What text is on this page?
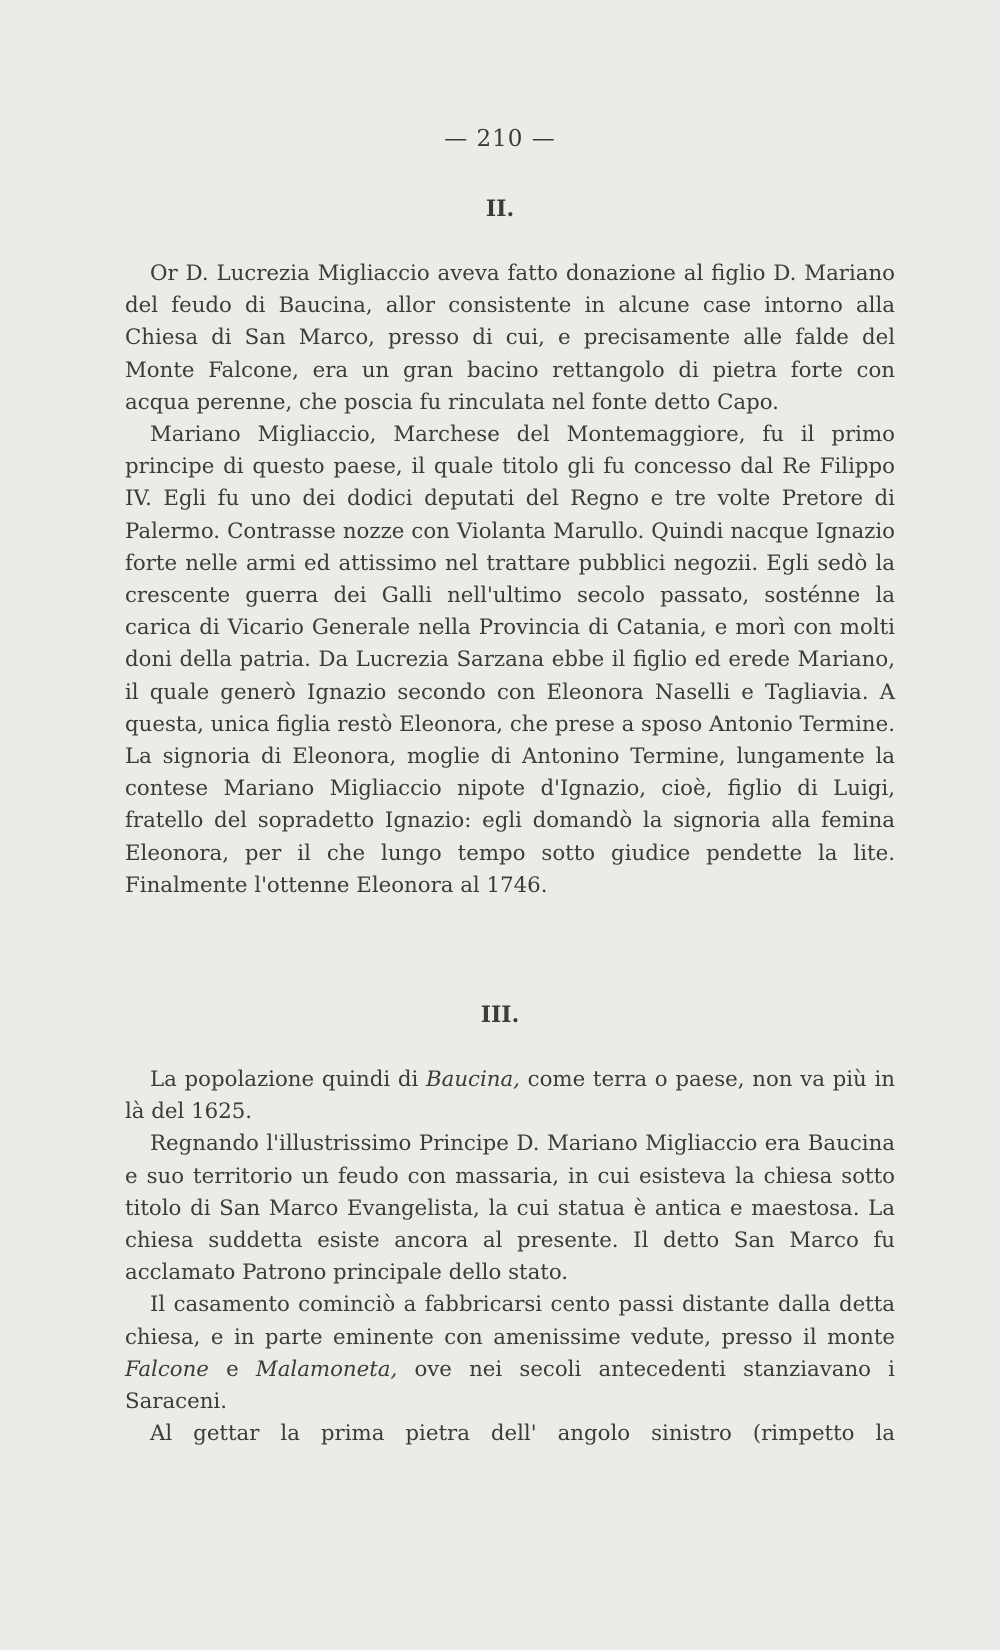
— 210 —
II.

Or D. Lucrezia Migliaccio aveva fatto donazione al figlio D. Mariano del feudo di Baucina, allor consistente in alcune case intorno alla Chiesa di San Marco, presso di cui, e precisamente alle falde del Monte Falcone, era un gran bacino rettangolo di pietra forte con acqua perenne, che poscia fu rinculata nel fonte detto Capo.

Mariano Migliaccio, Marchese del Montemaggiore, fu il primo principe di questo paese, il quale titolo gli fu concesso dal Re Filippo IV. Egli fu uno dei dodici deputati del Regno e tre volte Pretore di Palermo. Contrasse nozze con Violanta Marullo. Quindi nacque Ignazio forte nelle armi ed attissimo nel trattare pubblici negozii. Egli sedò la crescente guerra dei Galli nell'ultimo secolo passato, sosténne la carica di Vicario Generale nella Provincia di Catania, e morì con molti doni della patria. Da Lucrezia Sarzana ebbe il figlio ed erede Mariano, il quale generò Ignazio secondo con Eleonora Naselli e Tagliavia. A questa, unica figlia restò Eleonora, che prese a sposo Antonio Termine. La signoria di Eleonora, moglie di Antonino Termine, lungamente la contese Mariano Migliaccio nipote d'Ignazio, cioè, figlio di Luigi, fratello del sopradetto Ignazio: egli domandò la signoria alla femina Eleonora, per il che lungo tempo sotto giudice pendette la lite. Finalmente l'ottenne Eleonora al 1746.

III.

La popolazione quindi di Baucina, come terra o paese, non va più in là del 1625.

Regnando l'illustrissimo Principe D. Mariano Migliaccio era Baucina e suo territorio un feudo con massaria, in cui esisteva la chiesa sotto titolo di San Marco Evangelista, la cui statua è antica e maestosa. La chiesa suddetta esiste ancora al presente. Il detto San Marco fu acclamato Patrono principale dello stato.

Il casamento cominciò a fabbricarsi cento passi distante dalla detta chiesa, e in parte eminente con amenissime vedute, presso il monte Falcone e Malamoneta, ove nei secoli antecedenti stanziavano i Saraceni.

Al gettar la prima pietra dell' angolo sinistro (rimpetto la
